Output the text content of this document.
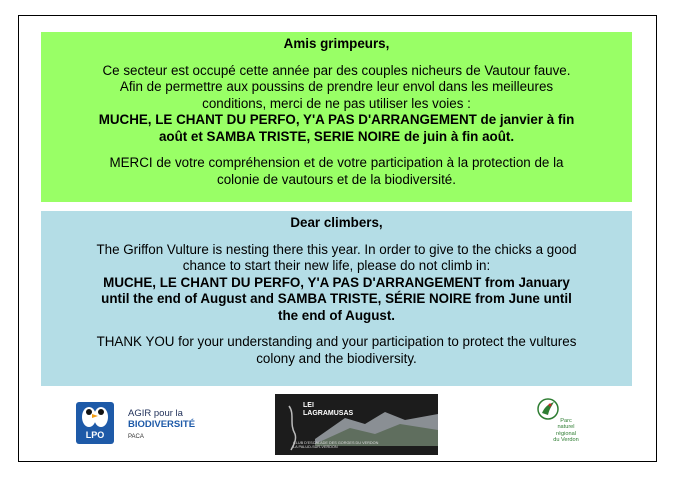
Amis grimpeurs,
Ce secteur est occupé cette année par des couples nicheurs de Vautour fauve.
Afin de permettre aux poussins de prendre leur envol dans les meilleures
conditions, merci de ne pas utiliser les voies :
MUCHE, LE CHANT DU PERFO, Y'A PAS D'ARRANGEMENT de janvier à fin
août et SAMBA TRISTE, SERIE NOIRE de juin à fin août.
MERCI de votre compréhension et de votre participation à la protection de la
colonie de vautours et de la biodiversité.
Dear climbers,
The Griffon Vulture is nesting there this year. In order to give to the chicks a good
chance to start their new life, please do not climb in:
MUCHE, LE CHANT DU PERFO, Y'A PAS D'ARRANGEMENT from January
until the end of August and SAMBA TRISTE, SÉRIE NOIRE from June until
the end of August.
THANK YOU for your understanding and your participation to protect the vultures
colony and the biodiversity.
LPO
AGIR pour la
BIODIVERSITÉ
PACA
LEI
LAGRAMUSAS
CLUB D'ESCALADE DES GORGES DU VERDON
LA PALUD-SUR-VERDON
Parc
naturel
régional
du Verdon
